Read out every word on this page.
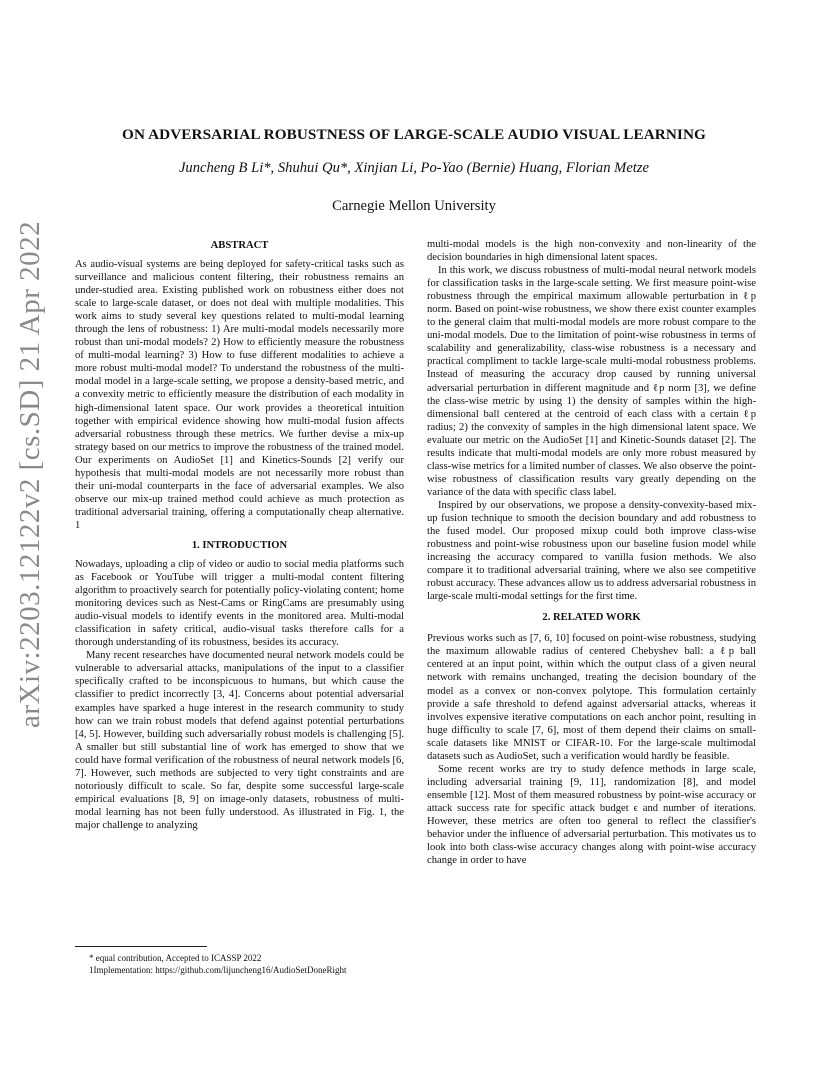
arXiv:2203.12122v2 [cs.SD] 21 Apr 2022
ON ADVERSARIAL ROBUSTNESS OF LARGE-SCALE AUDIO VISUAL LEARNING
Juncheng B Li*, Shuhui Qu*, Xinjian Li, Po-Yao (Bernie) Huang, Florian Metze
Carnegie Mellon University
ABSTRACT

As audio-visual systems are being deployed for safety-critical tasks such as surveillance and malicious content filtering, their robustness remains an under-studied area. Existing published work on robustness either does not scale to large-scale dataset, or does not deal with multiple modalities. This work aims to study several key questions related to multi-modal learning through the lens of robustness: 1) Are multi-modal models necessarily more robust than uni-modal models? 2) How to efficiently measure the robustness of multi-modal learning? 3) How to fuse different modalities to achieve a more robust multi-modal model? To understand the robustness of the multi-modal model in a large-scale setting, we propose a density-based metric, and a convexity metric to efficiently measure the distribution of each modality in high-dimensional latent space. Our work provides a theoretical intuition together with empirical evidence showing how multi-modal fusion affects adversarial robustness through these metrics. We further devise a mix-up strategy based on our metrics to improve the robustness of the trained model. Our experiments on AudioSet [1] and Kinetics-Sounds [2] verify our hypothesis that multi-modal models are not necessarily more robust than their uni-modal counterparts in the face of adversarial examples. We also observe our mix-up trained method could achieve as much protection as traditional adversarial training, offering a computationally cheap alternative. 1

1. INTRODUCTION

Nowadays, uploading a clip of video or audio to social media platforms such as Facebook or YouTube will trigger a multi-modal content filtering algorithm to proactively search for potentially policy-violating content; home monitoring devices such as Nest-Cams or RingCams are presumably using audio-visual models to identify events in the monitored area. Multi-modal classification in safety critical, audio-visual tasks therefore calls for a thorough understanding of its robustness, besides its accuracy.

Many recent researches have documented neural network models could be vulnerable to adversarial attacks, manipulations of the input to a classifier specifically crafted to be inconspicuous to humans, but which cause the classifier to predict incorrectly [3, 4]. Concerns about potential adversarial examples have sparked a huge interest in the research community to study how can we train robust models that defend against potential perturbations [4, 5]. However, building such adversarially robust models is challenging [5]. A smaller but still substantial line of work has emerged to show that we could have formal verification of the robustness of neural network models [6, 7]. However, such methods are subjected to very tight constraints and are notoriously difficult to scale. So far, despite some successful large-scale empirical evaluations [8, 9] on image-only datasets, robustness of multi-modal learning has not been fully understood. As illustrated in Fig. 1, the major challenge to analyzing

multi-modal models is the high non-convexity and non-linearity of the decision boundaries in high dimensional latent spaces.

In this work, we discuss robustness of multi-modal neural network models for classification tasks in the large-scale setting. We first measure point-wise robustness through the empirical maximum allowable perturbation in ℓp norm. Based on point-wise robustness, we show there exist counter examples to the general claim that multi-modal models are more robust compare to the uni-modal models. Due to the limitation of point-wise robustness in terms of scalability and generalizability, class-wise robustness is a necessary and practical compliment to tackle large-scale multi-modal robustness problems. Instead of measuring the accuracy drop caused by running universal adversarial perturbation in different magnitude and ℓp norm [3], we define the class-wise metric by using 1) the density of samples within the high-dimensional ball centered at the centroid of each class with a certain ℓp radius; 2) the convexity of samples in the high dimensional latent space. We evaluate our metric on the AudioSet [1] and Kinetic-Sounds dataset [2]. The results indicate that multi-modal models are only more robust measured by class-wise metrics for a limited number of classes. We also observe the point-wise robustness of classification results vary greatly depending on the variance of the data with specific class label.

Inspired by our observations, we propose a density-convexity-based mix-up fusion technique to smooth the decision boundary and add robustness to the fused model. Our proposed mixup could both improve class-wise robustness and point-wise robustness upon our baseline fusion model while increasing the accuracy compared to vanilla fusion methods. We also compare it to traditional adversarial training, where we also see competitive robust accuracy. These advances allow us to address adversarial robustness in large-scale multi-modal settings for the first time.

2. RELATED WORK

Previous works such as [7, 6, 10] focused on point-wise robustness, studying the maximum allowable radius of centered Chebyshev ball: a ℓp ball centered at an input point, within which the output class of a given neural network with remains unchanged, treating the decision boundary of the model as a convex or non-convex polytope. This formulation certainly provide a safe threshold to defend against adversarial attacks, whereas it involves expensive iterative computations on each anchor point, resulting in huge difficulty to scale [7, 6], most of them depend their claims on small-scale datasets like MNIST or CIFAR-10. For the large-scale multimodal datasets such as AudioSet, such a verification would hardly be feasible.

Some recent works are try to study defence methods in large scale, including adversarial training [9, 11], randomization [8], and model ensemble [12]. Most of them measured robustness by point-wise accuracy or attack success rate for specific attack budget ϵ and number of iterations. However, these metrics are often too general to reflect the classifier's behavior under the influence of adversarial perturbation. This motivates us to look into both class-wise accuracy changes along with point-wise accuracy change in order to have

* equal contribution, Accepted to ICASSP 2022
1Implementation: https://github.com/lijuncheng16/AudioSetDoneRight
